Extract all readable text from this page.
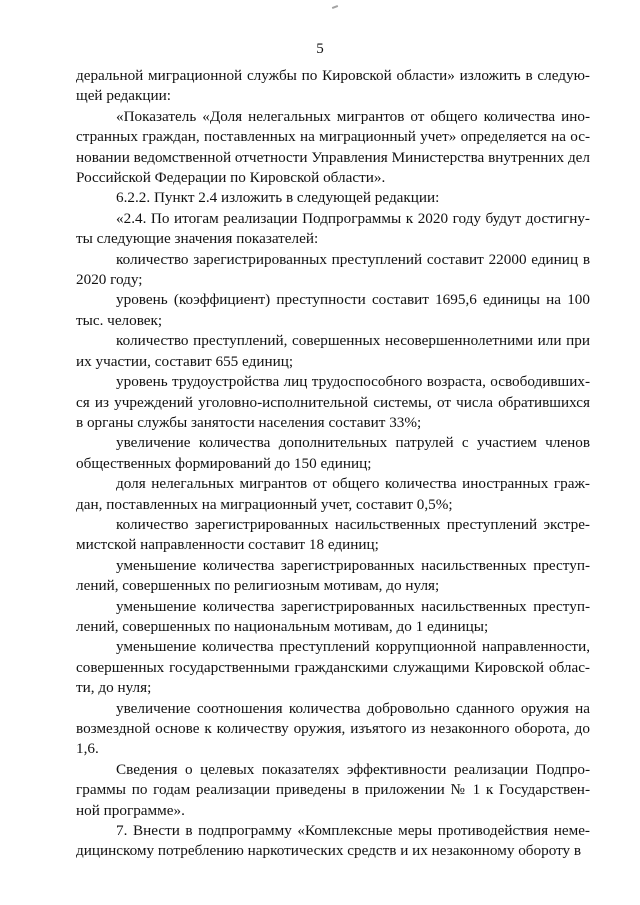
5

деральной миграционной службы по Кировской области» изложить в следую-щей редакции:

«Показатель «Доля нелегальных мигрантов от общего количества ино-странных граждан, поставленных на миграционный учет» определяется на ос-новании ведомственной отчетности Управления Министерства внутренних дел Российской Федерации по Кировской области».

6.2.2. Пункт 2.4 изложить в следующей редакции:

«2.4. По итогам реализации Подпрограммы к 2020 году будут достигну-ты следующие значения показателей:

количество зарегистрированных преступлений составит 22000 единиц в 2020 году;

уровень (коэффициент) преступности составит 1695,6 единицы на 100 тыс. человек;

количество преступлений, совершенных несовершеннолетними или при их участии, составит 655 единиц;

уровень трудоустройства лиц трудоспособного возраста, освободивших-ся из учреждений уголовно-исполнительной системы, от числа обратившихся в органы службы занятости населения составит 33%;

увеличение количества дополнительных патрулей с участием членов общественных формирований до 150 единиц;

доля нелегальных мигрантов от общего количества иностранных граж-дан, поставленных на миграционный учет, составит 0,5%;

количество зарегистрированных насильственных преступлений экстре-мистской направленности составит 18 единиц;

уменьшение количества зарегистрированных насильственных преступ-лений, совершенных по религиозным мотивам, до нуля;

уменьшение количества зарегистрированных насильственных преступ-лений, совершенных по национальным мотивам, до 1 единицы;

уменьшение количества преступлений коррупционной направленности, совершенных государственными гражданскими служащими Кировской облас-ти, до нуля;

увеличение соотношения количества добровольно сданного оружия на возмездной основе к количеству оружия, изъятого из незаконного оборота, до 1,6.

Сведения о целевых показателях эффективности реализации Подпро-граммы по годам реализации приведены в приложении № 1 к Государствен-ной программе».

7. Внести в подпрограмму «Комплексные меры противодействия неме-дицинскому потреблению наркотических средств и их незаконному обороту в
